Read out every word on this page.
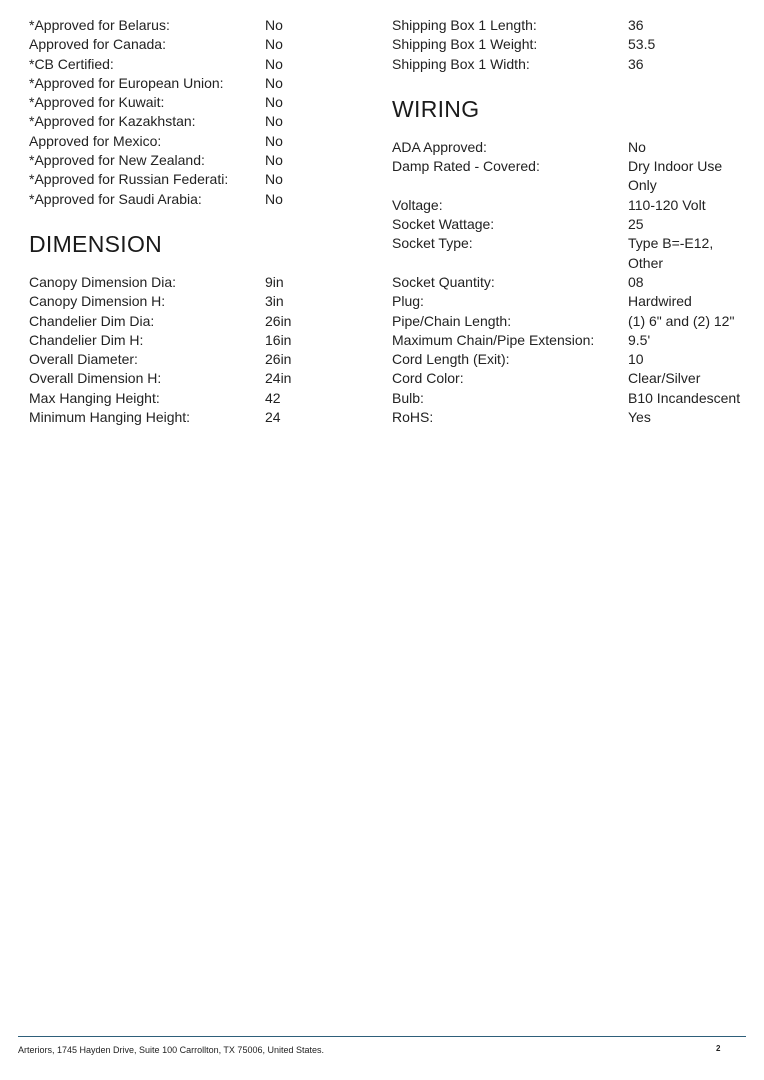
*Approved for Belarus:	No
Approved for Canada:	No
*CB Certified:	No
*Approved for European Union:	No
*Approved for Kuwait:	No
*Approved for Kazakhstan:	No
Approved for Mexico:	No
*Approved for New Zealand:	No
*Approved for Russian Federati:	No
*Approved for Saudi Arabia:	No
DIMENSION
Canopy Dimension Dia:	9in
Canopy Dimension H:	3in
Chandelier Dim Dia:	26in
Chandelier Dim H:	16in
Overall Diameter:	26in
Overall Dimension H:	24in
Max Hanging Height:	42
Minimum Hanging Height:	24
Shipping Box 1 Length:	36
Shipping Box 1 Weight:	53.5
Shipping Box 1 Width:	36
WIRING
ADA Approved:	No
Damp Rated - Covered:	Dry Indoor Use Only
Voltage:	110-120 Volt
Socket Wattage:	25
Socket Type:	Type B=-E12, Other
Socket Quantity:	08
Plug:	Hardwired
Pipe/Chain Length:	(1) 6" and (2) 12"
Maximum Chain/Pipe Extension:	9.5'
Cord Length (Exit):	10
Cord Color:	Clear/Silver
Bulb:	B10 Incandescent
RoHS:	Yes
Arteriors, 1745 Hayden Drive, Suite 100 Carrollton, TX 75006, United States.	2
